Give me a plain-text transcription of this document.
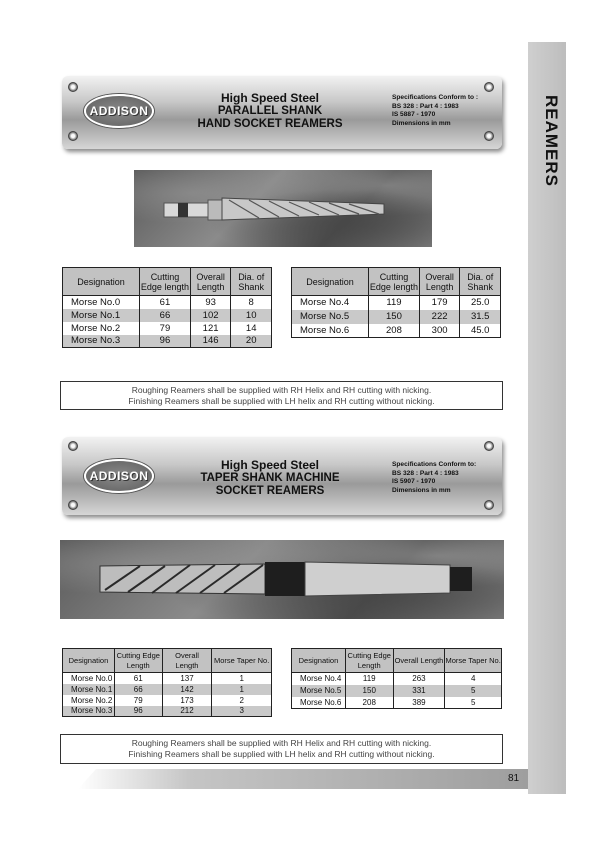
REAMERS
ADDISON
High Speed Steel
PARALLEL SHANK
HAND SOCKET REAMERS
Specifications Conform to :
BS 328 : Part 4 : 1983
IS 5887 - 1970
Dimensions in mm
Designation	Cutting Edge length	Overall Length	Dia. of Shank
Morse No.0	61	93	8
Morse No.1	66	102	10
Morse No.2	79	121	14
Morse No.3	96	146	20
Designation	Cutting Edge length	Overall Length	Dia. of Shank
Morse No.4	119	179	25.0
Morse No.5	150	222	31.5
Morse No.6	208	300	45.0
Roughing Reamers shall be supplied with RH Helix and RH cutting with nicking.
Finishing Reamers shall be supplied with LH helix and RH cutting without nicking.
ADDISON
High Speed Steel
TAPER SHANK MACHINE
SOCKET REAMERS
Specifications Conform to:
BS 328 : Part 4 : 1983
IS 5907 - 1970
Dimensions in mm
Designation	Cutting Edge Length	Overall Length	Morse Taper No.
Morse No.0	61	137	1
Morse No.1	66	142	1
Morse No.2	79	173	2
Morse No.3	96	212	3
Designation	Cutting Edge Length	Overall Length	Morse Taper No.
Morse No.4	119	263	4
Morse No.5	150	331	5
Morse No.6	208	389	5
Roughing Reamers shall be supplied with RH Helix and RH cutting with nicking.
Finishing Reamers shall be supplied with LH helix and RH cutting without nicking.
81
